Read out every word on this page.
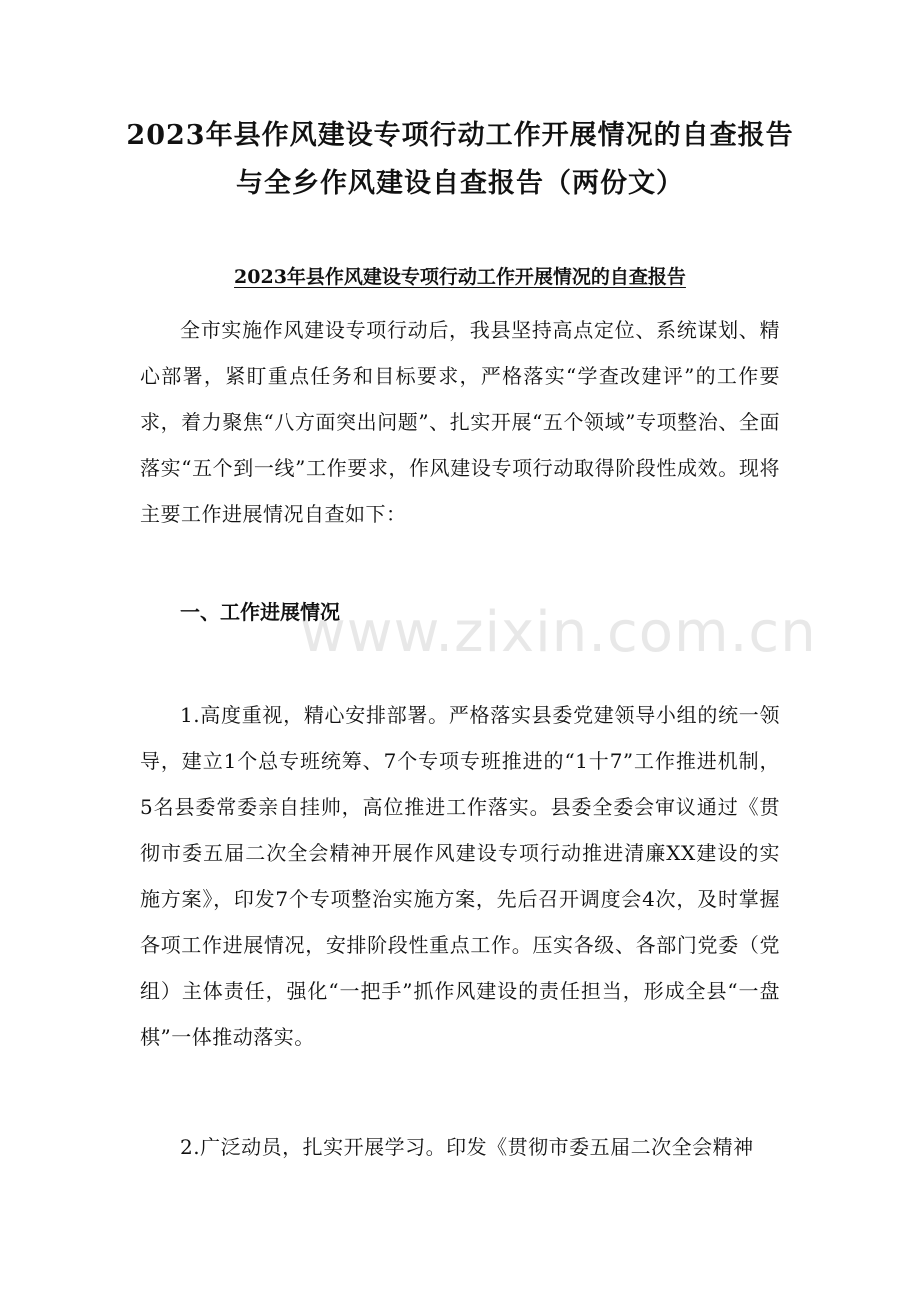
2023年县作风建设专项行动工作开展情况的自查报告与全乡作风建设自查报告（两份文）
2023年县作风建设专项行动工作开展情况的自查报告

全市实施作风建设专项行动后，我县坚持高点定位、系统谋划、精心部署，紧盯重点任务和目标要求，严格落实“学查改建评”的工作要求，着力聚焦“八方面突出问题”、扎实开展“五个领域”专项整治、全面落实“五个到一线”工作要求，作风建设专项行动取得阶段性成效。现将主要工作进展情况自查如下：

一、工作进展情况

1.高度重视，精心安排部署。严格落实县委党建领导小组的统一领导，建立1个总专班统筹、7个专项专班推进的“1十7”工作推进机制，5名县委常委亲自挂帅，高位推进工作落实。县委全委会审议通过《贯彻市委五届二次全会精神开展作风建设专项行动推进清廉XX建设的实施方案》，印发7个专项整治实施方案，先后召开调度会4次，及时掌握各项工作进展情况，安排阶段性重点工作。压实各级、各部门党委（党组）主体责任，强化“一把手”抓作风建设的责任担当，形成全县“一盘棋”一体推动落实。

2.广泛动员，扎实开展学习。印发《贯彻市委五届二次全会精神

www.zixin.com.cn
